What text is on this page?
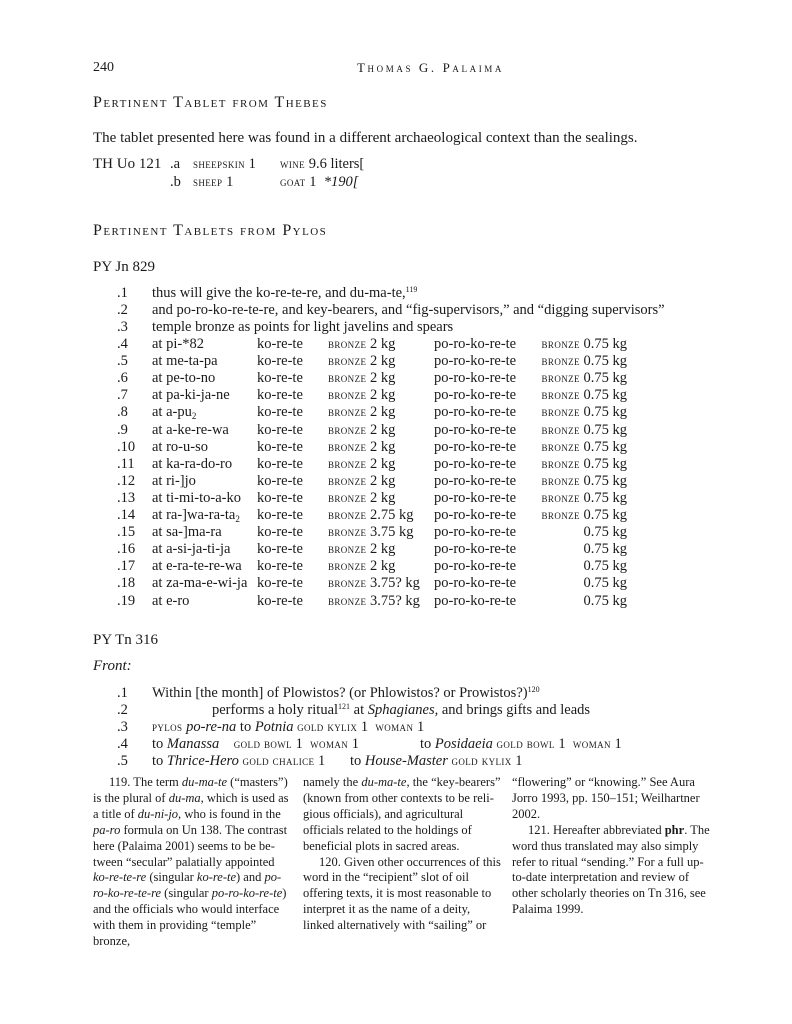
240	Thomas G. Palaima
Pertinent Tablet from Thebes
The tablet presented here was found in a different archaeological context than the sealings.
TH Uo 121 .a sheepskin 1 wine 9.6 liters[
.b sheep 1	goat 1 *190[
Pertinent Tablets from Pylos
PY Jn 829
.1 thus will give the ko-re-te-re, and du-ma-te,$^{119}$
.2 and po-ro-ko-re-te-re, and key-bearers, and “fig-supervisors,” and “digging supervisors”
.3 temple bronze as points for light javelins and spears
.4 at pi-*82	ko-re-te bronze 2 kg	po-ro-ko-re-te	bronze 0.75 kg
.5 at me-ta-pa	ko-re-te bronze 2 kg	po-ro-ko-re-te	bronze 0.75 kg
.6 at pe-to-no	ko-re-te bronze 2 kg	po-ro-ko-re-te	bronze 0.75 kg
.7 at pa-ki-ja-ne ko-re-te bronze 2 kg	po-ro-ko-re-te	bronze 0.75 kg
.8 at $a-pu_2$	ko-re-te bronze 2 kg	po-ro-ko-re-te	bronze 0.75 kg
.9 at a-ke-re-wa ko-re-te bronze 2 kg	po-ro-ko-re-te	bronze 0.75 kg
.10 at ro-u-so	ko-re-te bronze 2 kg	po-ro-ko-re-te	bronze 0.75 kg
.11 at ka-ra-do-ro ko-re-te bronze 2 kg	po-ro-ko-re-te	bronze 0.75 kg
.12 at ri-]jo	ko-re-te bronze 2 kg	po-ro-ko-re-te	bronze 0.75 kg
.13 at ti-mi-to-a-ko ko-re-te bronze 2 kg	po-ro-ko-re-te	bronze 0.75 kg
.14 at $ra-]wa-ra-ta_2$ ko-re-te bronze 2.75 kg po-ro-ko-re-te	bronze 0.75 kg
.15 at sa-]ma-ra ko-re-te bronze 3.75 kg po-ro-ko-re-te	0.75 kg
.16 at a-si-ja-ti-ja ko-re-te bronze 2 kg	po-ro-ko-re-te	0.75 kg
.17 at e-ra-te-re-wa ko-re-te bronze 2 kg	po-ro-ko-re-te	0.75 kg
.18 at za-ma-e-wi-ja ko-re-te bronze 3.75? kg po-ro-ko-re-te	0.75 kg
.19 at e-ro	ko-re-te bronze 3.75? kg po-ro-ko-re-te	0.75 kg
PY Tn 316
Front:
.1 Within [the month] of Plowistos? (or Phlowistos? or Prowistos?)$^{120}$
.2	performs a holy ritual$^{121}$ at Sphagianes, and brings gifts and leads
.3 pylos po-re-na to Potnia gold kylix 1 woman 1
.4 to Manassa gold bowl 1 woman 1	to Posidaeia gold bowl 1 woman 1
.5 to Thrice-Hero gold chalice 1 to House-Master gold kylix 1

119. The term du-ma-te (“masters”) is the plural of du-ma, which is used as a title of du-ni-jo, who is found in the pa-ro formula on Un 138. The contrast here (Palaima 2001) seems to be be-tween “secular” palatially appointed ko-re-te-re (singular ko-re-te) and po-ro-ko-re-te-re (singular po-ro-ko-re-te) and the officials who would interface with them in providing “temple” bronze,

namely the du-ma-te, the “key-bearers” (known from other contexts to be reli-gious officials), and agricultural officials related to the holdings of beneficial plots in sacred areas.

120. Given other occurrences of this word in the “recipient” slot of oil offering texts, it is most reasonable to interpret it as the name of a deity, linked alternatively with “sailing” or

“flowering” or “knowing.” See Aura Jorro 1993, pp. 150–151; Weilhartner 2002.

121. Hereafter abbreviated phr. The word thus translated may also simply refer to ritual “sending.” For a full up-to-date interpretation and review of other scholarly theories on Tn 316, see Palaima 1999.
